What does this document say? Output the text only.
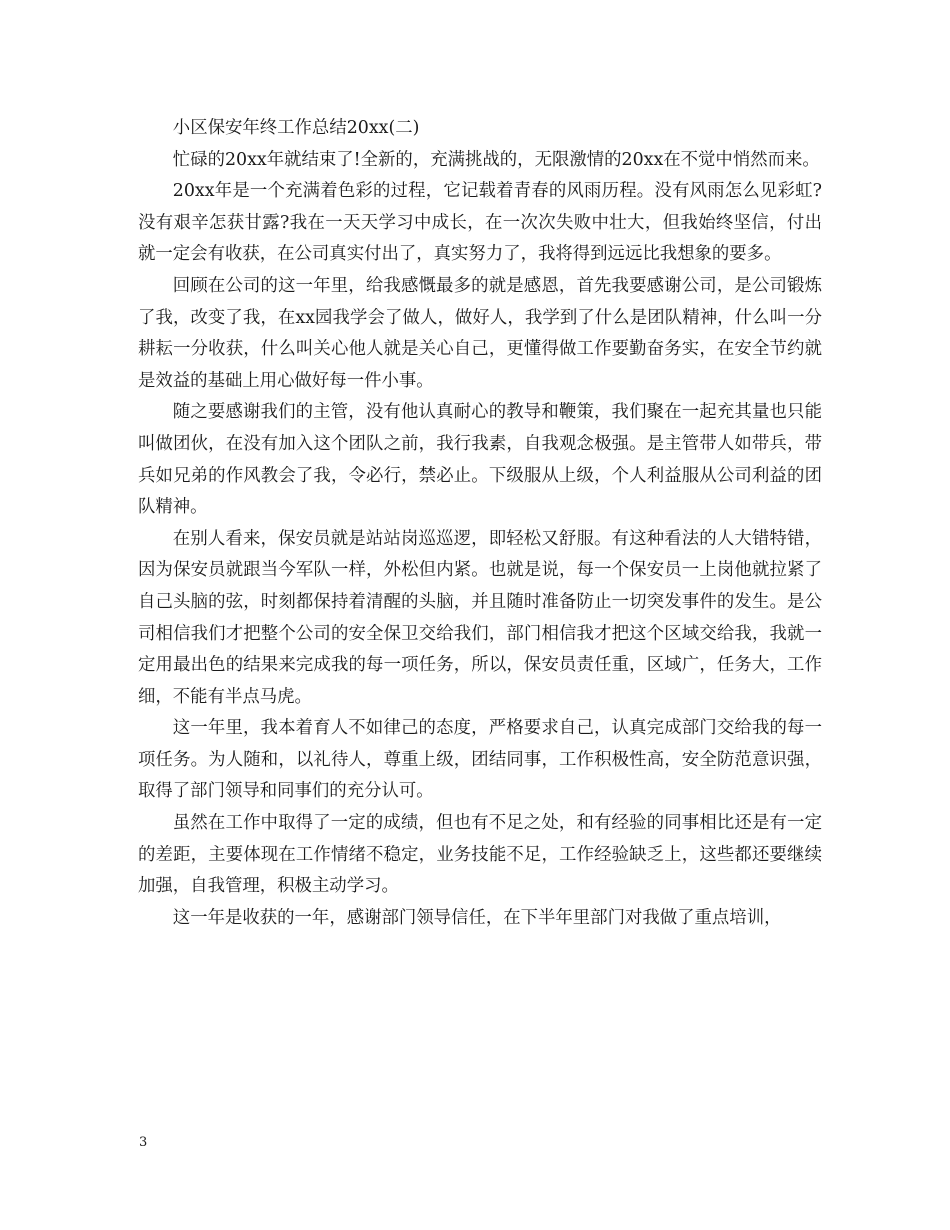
小区保安年终工作总结20xx(二)

忙碌的20xx年就结束了!全新的，充满挑战的，无限激情的20xx在不觉中悄然而来。

20xx年是一个充满着色彩的过程，它记载着青春的风雨历程。没有风雨怎么见彩虹?没有艰辛怎获甘露?我在一天天学习中成长，在一次次失败中壮大，但我始终坚信，付出就一定会有收获，在公司真实付出了，真实努力了，我将得到远远比我想象的要多。

回顾在公司的这一年里，给我感慨最多的就是感恩，首先我要感谢公司，是公司锻炼了我，改变了我，在xx园我学会了做人，做好人，我学到了什么是团队精神，什么叫一分耕耘一分收获，什么叫关心他人就是关心自己，更懂得做工作要勤奋务实，在安全节约就是效益的基础上用心做好每一件小事。

随之要感谢我们的主管，没有他认真耐心的教导和鞭策，我们聚在一起充其量也只能叫做团伙，在没有加入这个团队之前，我行我素，自我观念极强。是主管带人如带兵，带兵如兄弟的作风教会了我，令必行，禁必止。下级服从上级，个人利益服从公司利益的团队精神。

在别人看来，保安员就是站站岗巡巡逻，即轻松又舒服。有这种看法的人大错特错，因为保安员就跟当今军队一样，外松但内紧。也就是说，每一个保安员一上岗他就拉紧了自己头脑的弦，时刻都保持着清醒的头脑，并且随时准备防止一切突发事件的发生。是公司相信我们才把整个公司的安全保卫交给我们，部门相信我才把这个区域交给我，我就一定用最出色的结果来完成我的每一项任务，所以，保安员责任重，区域广，任务大，工作细，不能有半点马虎。

这一年里，我本着育人不如律己的态度，严格要求自己，认真完成部门交给我的每一项任务。为人随和，以礼待人，尊重上级，团结同事，工作积极性高，安全防范意识强，取得了部门领导和同事们的充分认可。

虽然在工作中取得了一定的成绩，但也有不足之处，和有经验的同事相比还是有一定的差距，主要体现在工作情绪不稳定，业务技能不足，工作经验缺乏上，这些都还要继续加强，自我管理，积极主动学习。

这一年是收获的一年，感谢部门领导信任，在下半年里部门对我做了重点培训，

3
